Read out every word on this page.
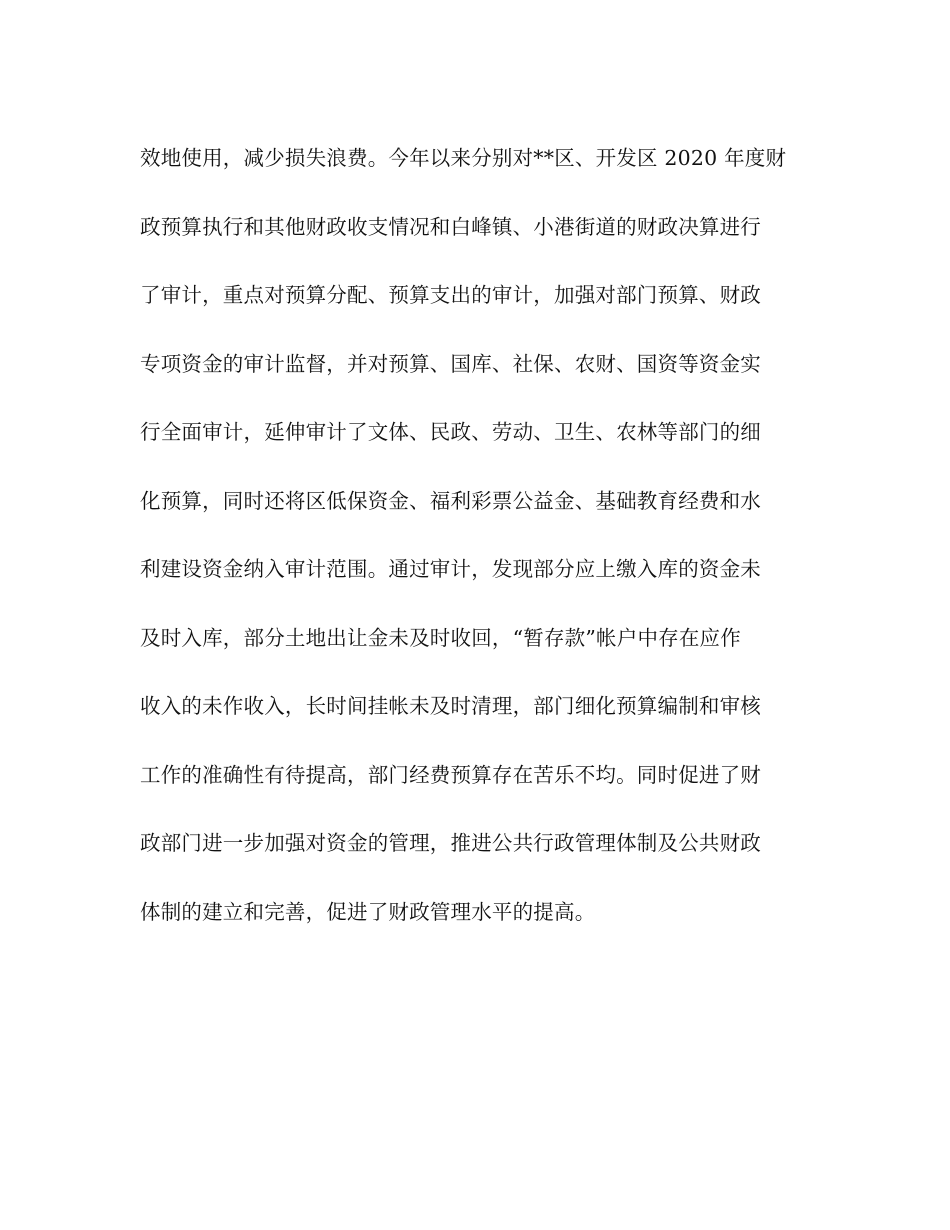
效地使用，减少损失浪费。今年以来分别对**区、开发区 2020 年度财
政预算执行和其他财政收支情况和白峰镇、小港街道的财政决算进行
了审计，重点对预算分配、预算支出的审计，加强对部门预算、财政
专项资金的审计监督，并对预算、国库、社保、农财、国资等资金实
行全面审计，延伸审计了文体、民政、劳动、卫生、农林等部门的细
化预算，同时还将区低保资金、福利彩票公益金、基础教育经费和水
利建设资金纳入审计范围。通过审计，发现部分应上缴入库的资金未
及时入库，部分土地出让金未及时收回，“暂存款”帐户中存在应作
收入的未作收入，长时间挂帐未及时清理，部门细化预算编制和审核
工作的准确性有待提高，部门经费预算存在苦乐不均。同时促进了财
政部门进一步加强对资金的管理，推进公共行政管理体制及公共财政
体制的建立和完善，促进了财政管理水平的提高。
